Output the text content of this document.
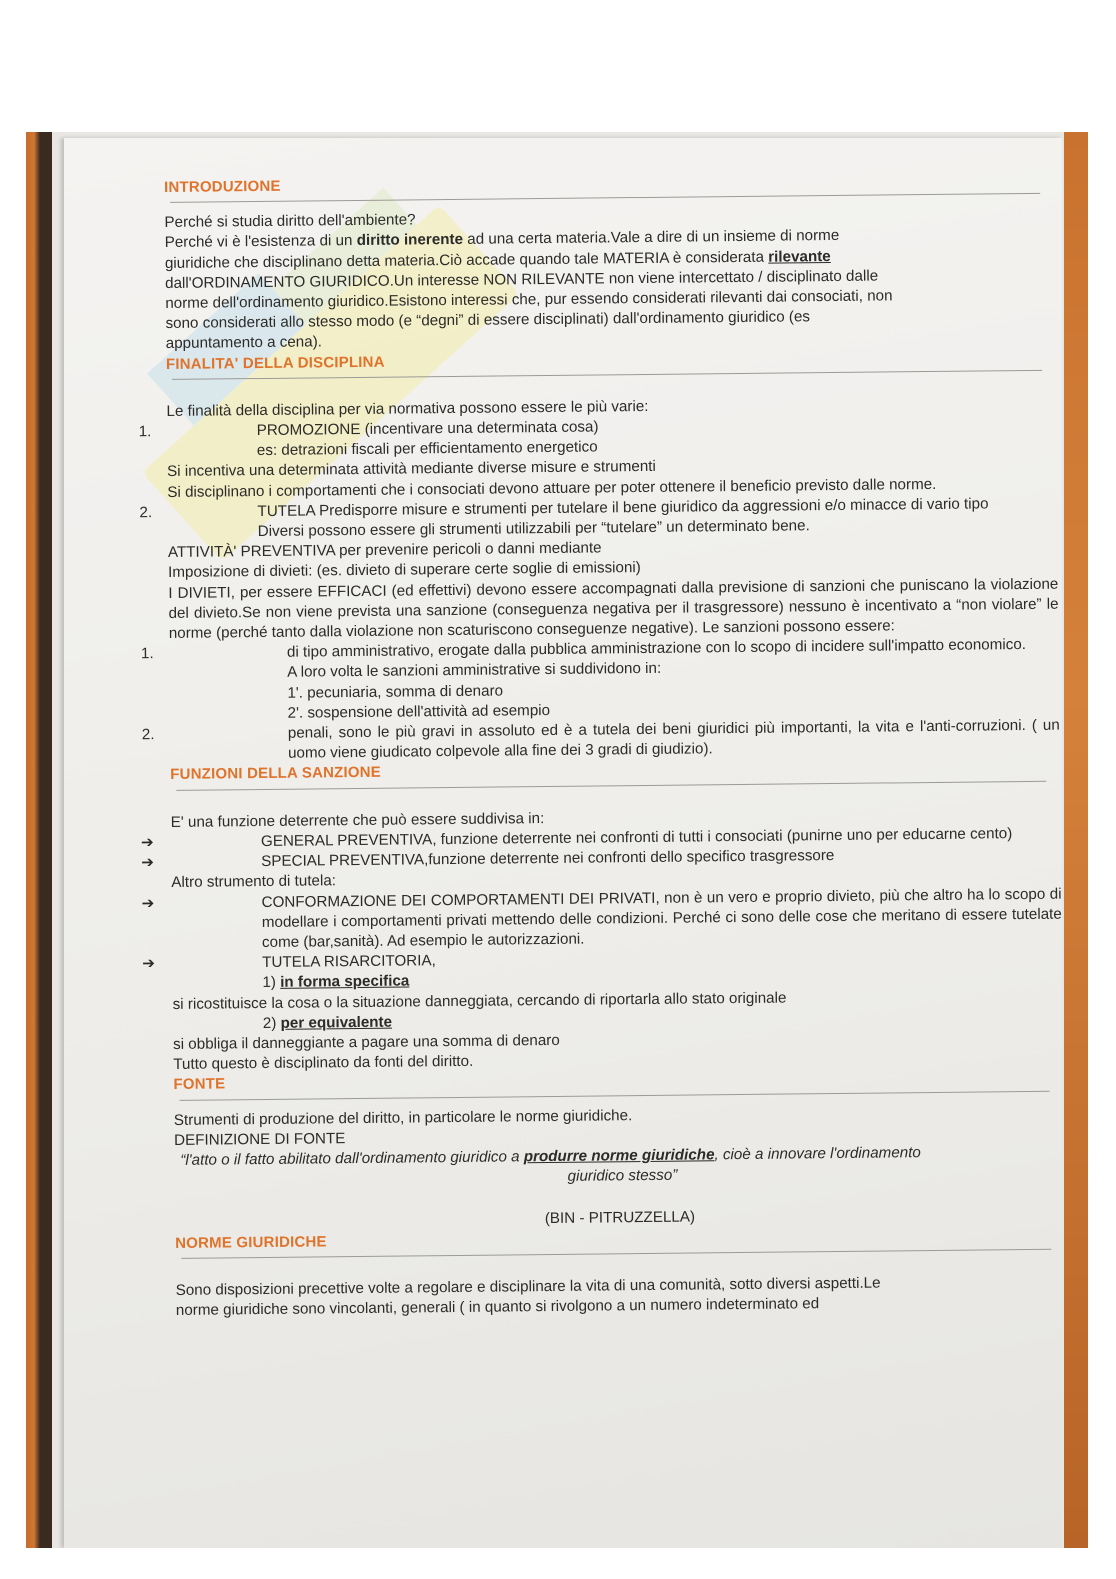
INTRODUZIONE

Perché si studia diritto dell'ambiente?

Perché vi è l'esistenza di un diritto inerente ad una certa materia.Vale a dire di un insieme di norme

giuridiche che disciplinano detta materia.Ciò accade quando tale MATERIA è considerata rilevante

dall'ORDINAMENTO GIURIDICO.Un interesse NON RILEVANTE non viene intercettato / disciplinato dalle

norme dell'ordinamento giuridico.Esistono interessi che, pur essendo considerati rilevanti dai consociati, non

sono considerati allo stesso modo (e “degni” di essere disciplinati) dall'ordinamento giuridico (es

appuntamento a cena).

FINALITA' DELLA DISCIPLINA

Le finalità della disciplina per via normativa possono essere le più varie:

1.	PROMOZIONE (incentivare una determinata cosa)

es: detrazioni fiscali per efficientamento energetico

Si incentiva una determinata attività mediante diverse misure e strumenti

Si disciplinano i comportamenti che i consociati devono attuare per poter ottenere il beneficio previsto dalle norme.

2.	TUTELA Predisporre misure e strumenti per tutelare il bene giuridico da aggressioni e/o minacce di vario tipo

Diversi possono essere gli strumenti utilizzabili per “tutelare” un determinato bene.

ATTIVITÀ' PREVENTIVA per prevenire pericoli o danni mediante

Imposizione di divieti: (es. divieto di superare certe soglie di emissioni)

I DIVIETI, per essere EFFICACI (ed effettivi) devono essere accompagnati dalla previsione di sanzioni che puniscano la violazione del divieto.Se non viene prevista una sanzione (conseguenza negativa per il trasgressore) nessuno è incentivato a “non violare” le norme (perché tanto dalla violazione non scaturiscono conseguenze negative). Le sanzioni possono essere:

1.	di tipo amministrativo, erogate dalla pubblica amministrazione con lo scopo di incidere sull'impatto economico.

A loro volta le sanzioni amministrative si suddividono in:

1'. pecuniaria, somma di denaro

2'. sospensione dell'attività ad esempio

2.	penali, sono le più gravi in assoluto ed è a tutela dei beni giuridici più importanti, la vita e l'anti-corruzioni. ( un uomo viene giudicato colpevole alla fine dei 3 gradi di giudizio).

FUNZIONI DELLA SANZIONE

E' una funzione deterrente che può essere suddivisa in:

➔	GENERAL PREVENTIVA, funzione deterrente nei confronti di tutti i consociati (punirne uno per educarne cento)

➔	SPECIAL PREVENTIVA,funzione deterrente nei confronti dello specifico trasgressore

Altro strumento di tutela:

➔	CONFORMAZIONE DEI COMPORTAMENTI DEI PRIVATI, non è un vero e proprio divieto, più che altro ha lo scopo di modellare i comportamenti privati mettendo delle condizioni. Perché ci sono delle cose che meritano di essere tutelate come (bar,sanità). Ad esempio le autorizzazioni.

➔	TUTELA RISARCITORIA,

1) in forma specifica

si ricostituisce la cosa o la situazione danneggiata, cercando di riportarla allo stato originale

2) per equivalente

si obbliga il danneggiante a pagare una somma di denaro

Tutto questo è disciplinato da fonti del diritto.

FONTE

Strumenti di produzione del diritto, in particolare le norme giuridiche.

DEFINIZIONE DI FONTE

“l'atto o il fatto abilitato dall'ordinamento giuridico a produrre norme giuridiche, cioè a innovare l'ordinamento

giuridico stesso”

(BIN - PITRUZZELLA)

NORME GIURIDICHE

Sono disposizioni precettive volte a regolare e disciplinare la vita di una comunità, sotto diversi aspetti.Le

norme giuridiche sono vincolanti, generali ( in quanto si rivolgono a un numero indeterminato ed
